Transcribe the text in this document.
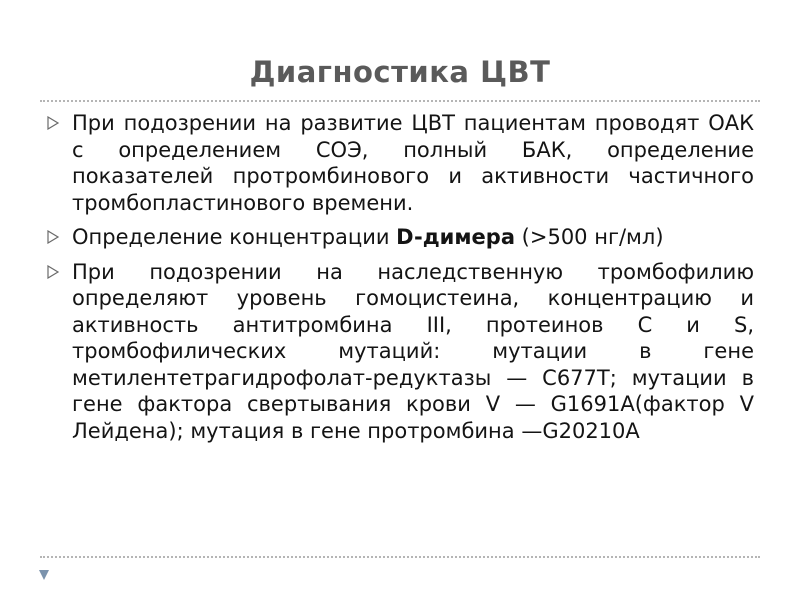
Диагностика ЦВТ
При подозрении на развитие ЦВТ пациентам проводят ОАК с определением СОЭ, полный БАК, определение показателей протромбинового и активности частичного тромбопластинового времени.
Определение концентрации D-димера (>500 нг/мл)
При подозрении на наследственную тромбофилию определяют уровень гомоцистеина, концентрацию и активность антитромбина III, протеинов C и S, тромбофилических мутаций: мутации в гене метилентетрагидрофолат-редуктазы — C677T; мутации в гене фактора свертывания крови V — G1691A(фактор V Лейдена); мутация в гене протромбина —G20210A
